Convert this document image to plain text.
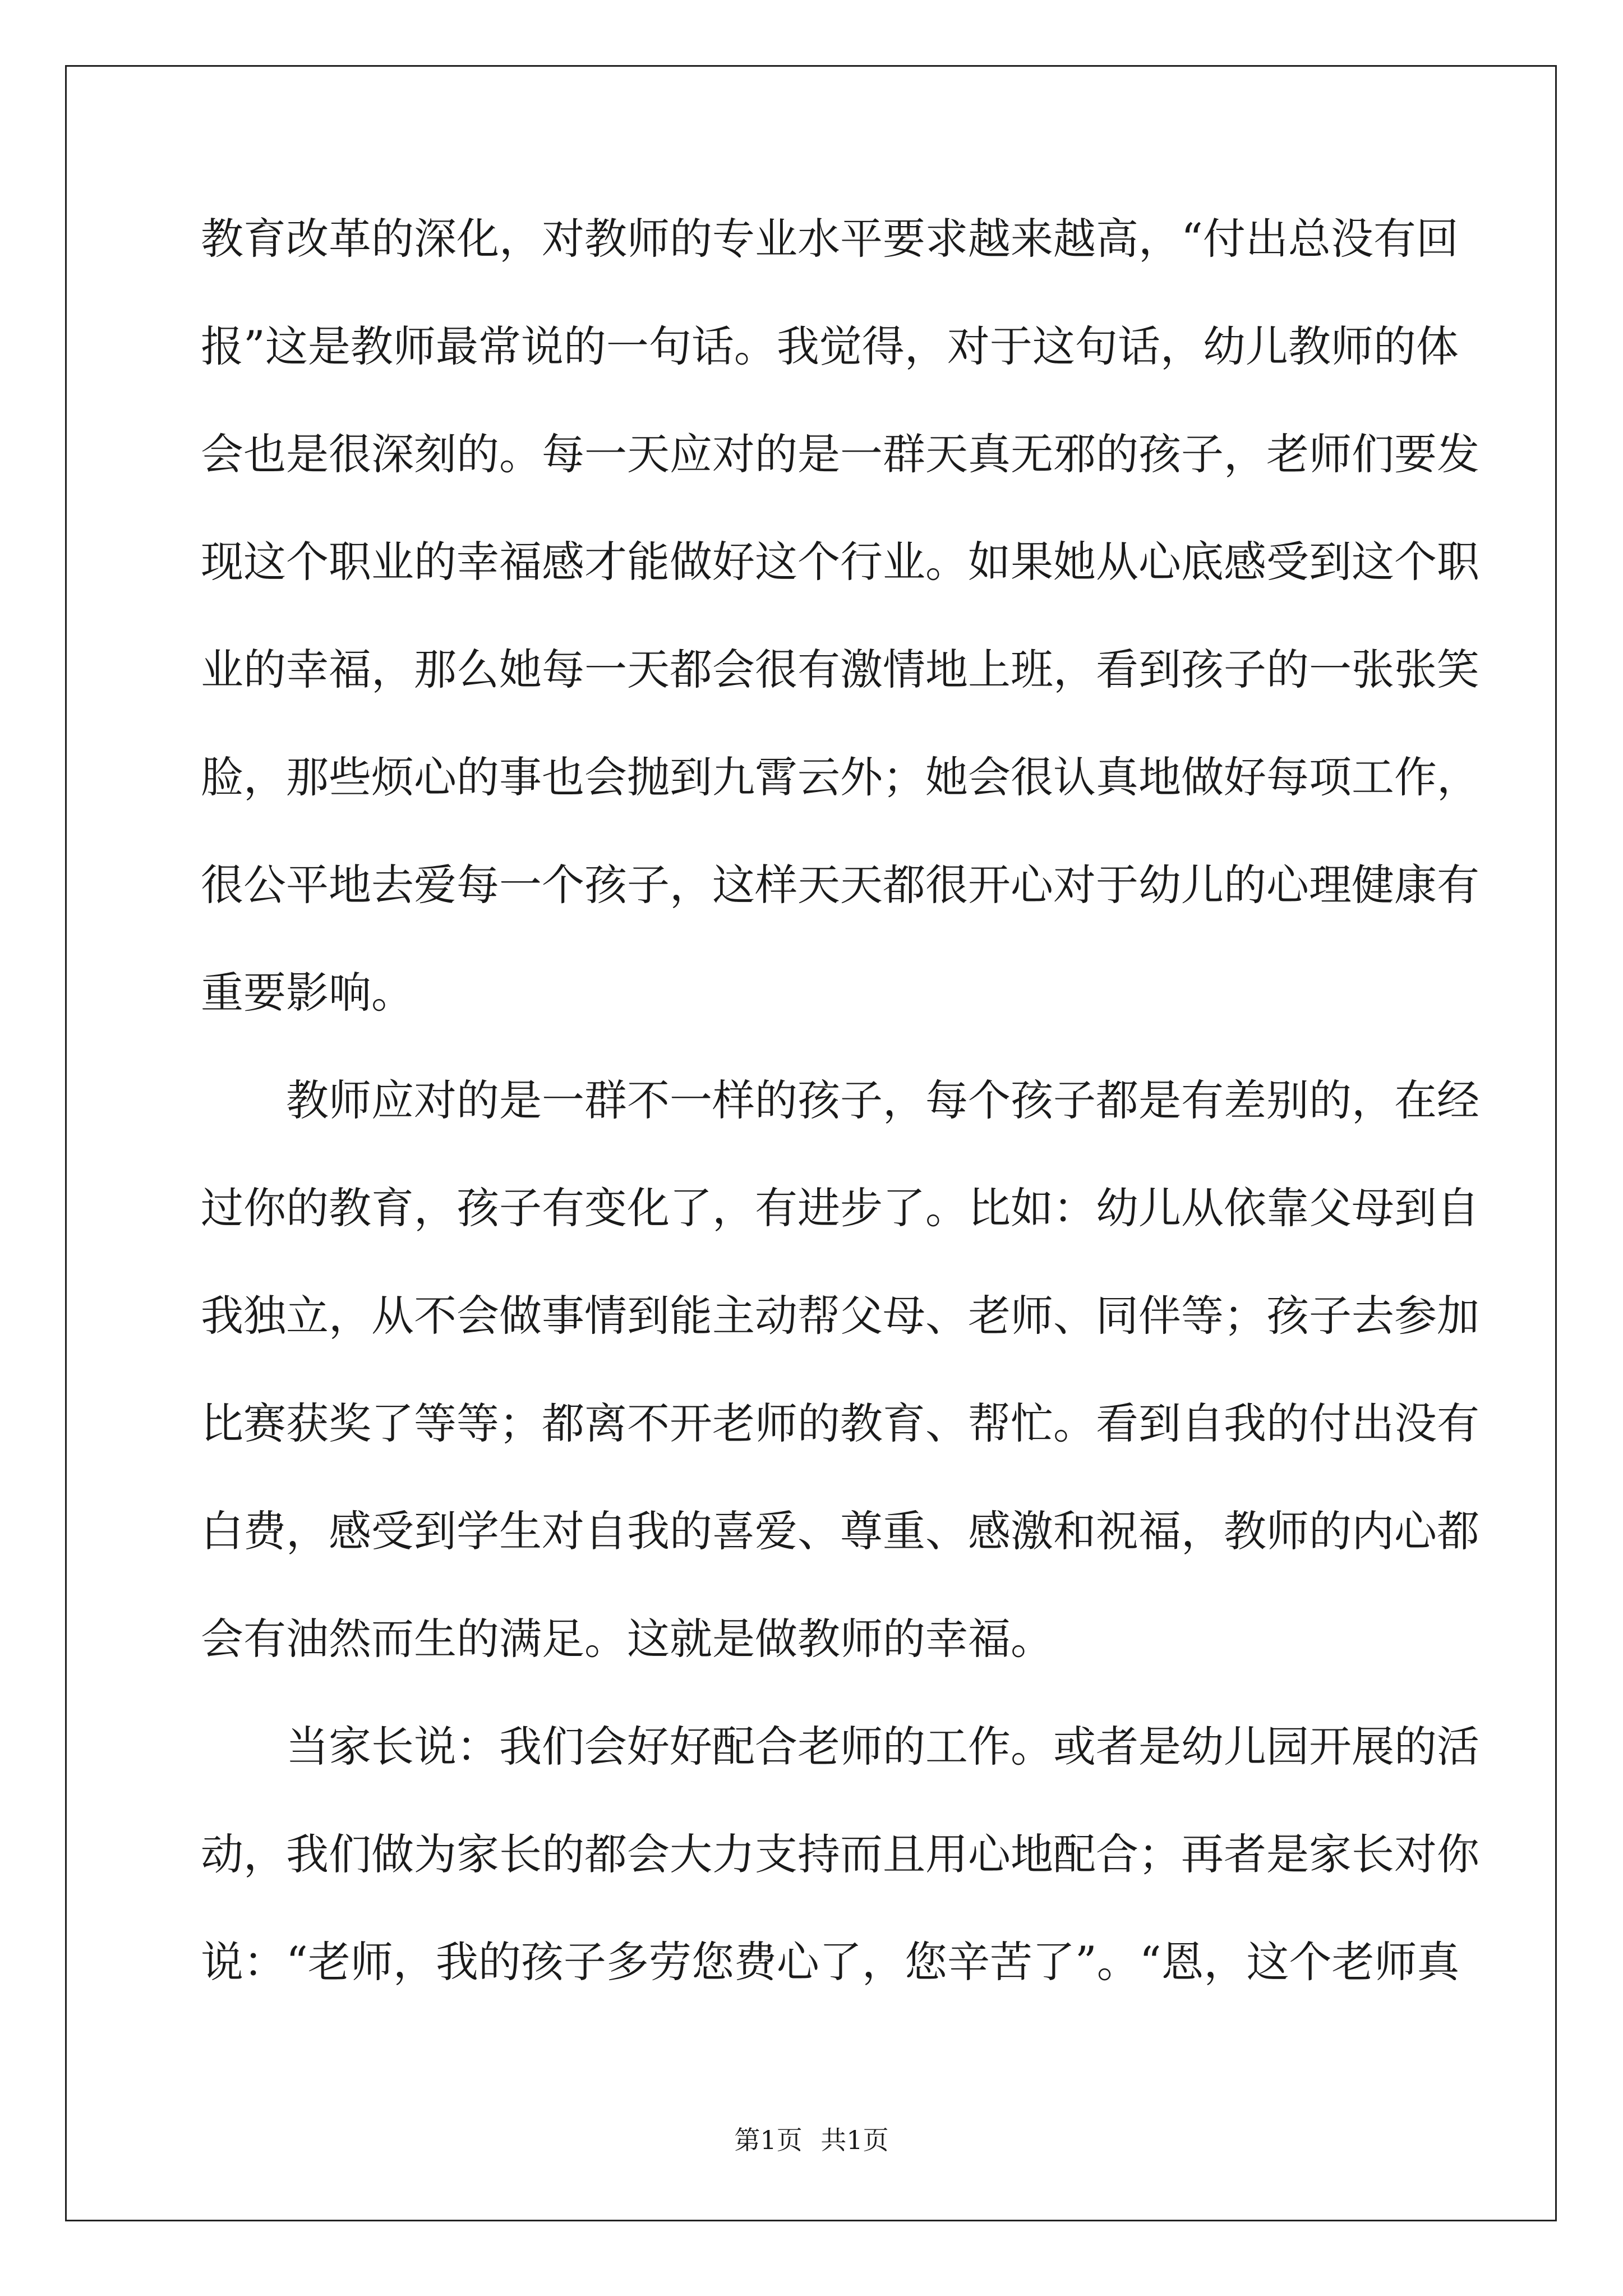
教育改革的深化，对教师的专业水平要求越来越高，“付出总没有回
报”这是教师最常说的一句话。我觉得，对于这句话，幼儿教师的体
会也是很深刻的。每一天应对的是一群天真无邪的孩子，老师们要发
现这个职业的幸福感才能做好这个行业。如果她从心底感受到这个职
业的幸福，那么她每一天都会很有激情地上班，看到孩子的一张张笑
脸，那些烦心的事也会抛到九霄云外；她会很认真地做好每项工作，
很公平地去爱每一个孩子，这样天天都很开心对于幼儿的心理健康有
重要影响。
教师应对的是一群不一样的孩子，每个孩子都是有差别的，在经
过你的教育，孩子有变化了，有进步了。比如：幼儿从依靠父母到自
我独立，从不会做事情到能主动帮父母、老师、同伴等；孩子去参加
比赛获奖了等等；都离不开老师的教育、帮忙。看到自我的付出没有
白费，感受到学生对自我的喜爱、尊重、感激和祝福，教师的内心都
会有油然而生的满足。这就是做教师的幸福。
当家长说：我们会好好配合老师的工作。或者是幼儿园开展的活
动，我们做为家长的都会大力支持而且用心地配合；再者是家长对你
说：“老师，我的孩子多劳您费心了，您辛苦了”。“恩，这个老师真
第1页 共1页
